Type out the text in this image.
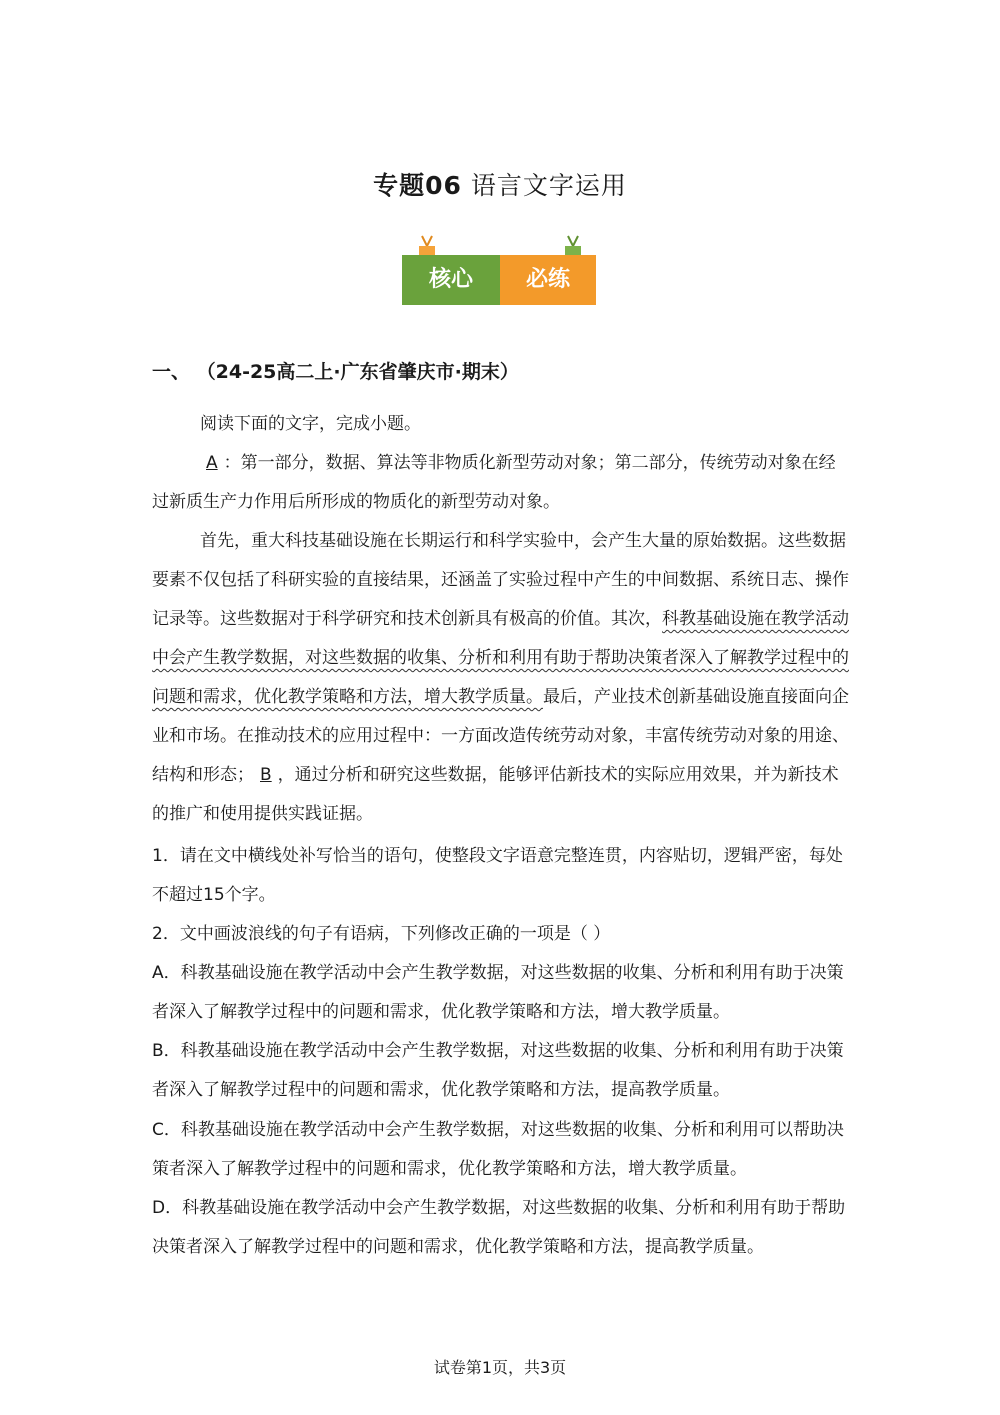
专题06 语言文字运用
核心	必练
一、 （24-25高二上·广东省肇庆市·期末）

阅读下面的文字，完成小题。

A ：第一部分，数据、算法等非物质化新型劳动对象；第二部分，传统劳动对象在经过新质生产力作用后所形成的物质化的新型劳动对象。

首先，重大科技基础设施在长期运行和科学实验中，会产生大量的原始数据。这些数据要素不仅包括了科研实验的直接结果，还涵盖了实验过程中产生的中间数据、系统日志、操作记录等。这些数据对于科学研究和技术创新具有极高的价值。其次，科教基础设施在教学活动中会产生教学数据，对这些数据的收集、分析和利用有助于帮助决策者深入了解教学过程中的问题和需求，优化教学策略和方法，增大教学质量。最后，产业技术创新基础设施直接面向企业和市场。在推动技术的应用过程中：一方面改造传统劳动对象，丰富传统劳动对象的用途、结构和形态； B ，通过分析和研究这些数据，能够评估新技术的实际应用效果，并为新技术的推广和使用提供实践证据。

1．请在文中横线处补写恰当的语句，使整段文字语意完整连贯，内容贴切，逻辑严密，每处不超过15个字。

2．文中画波浪线的句子有语病，下列修改正确的一项是（ ）

A．科教基础设施在教学活动中会产生教学数据，对这些数据的收集、分析和利用有助于决策者深入了解教学过程中的问题和需求，优化教学策略和方法，增大教学质量。

B．科教基础设施在教学活动中会产生教学数据，对这些数据的收集、分析和利用有助于决策者深入了解教学过程中的问题和需求，优化教学策略和方法，提高教学质量。

C．科教基础设施在教学活动中会产生教学数据，对这些数据的收集、分析和利用可以帮助决策者深入了解教学过程中的问题和需求，优化教学策略和方法，增大教学质量。

D．科教基础设施在教学活动中会产生教学数据，对这些数据的收集、分析和利用有助于帮助决策者深入了解教学过程中的问题和需求，优化教学策略和方法，提高教学质量。

试卷第1页，共3页
